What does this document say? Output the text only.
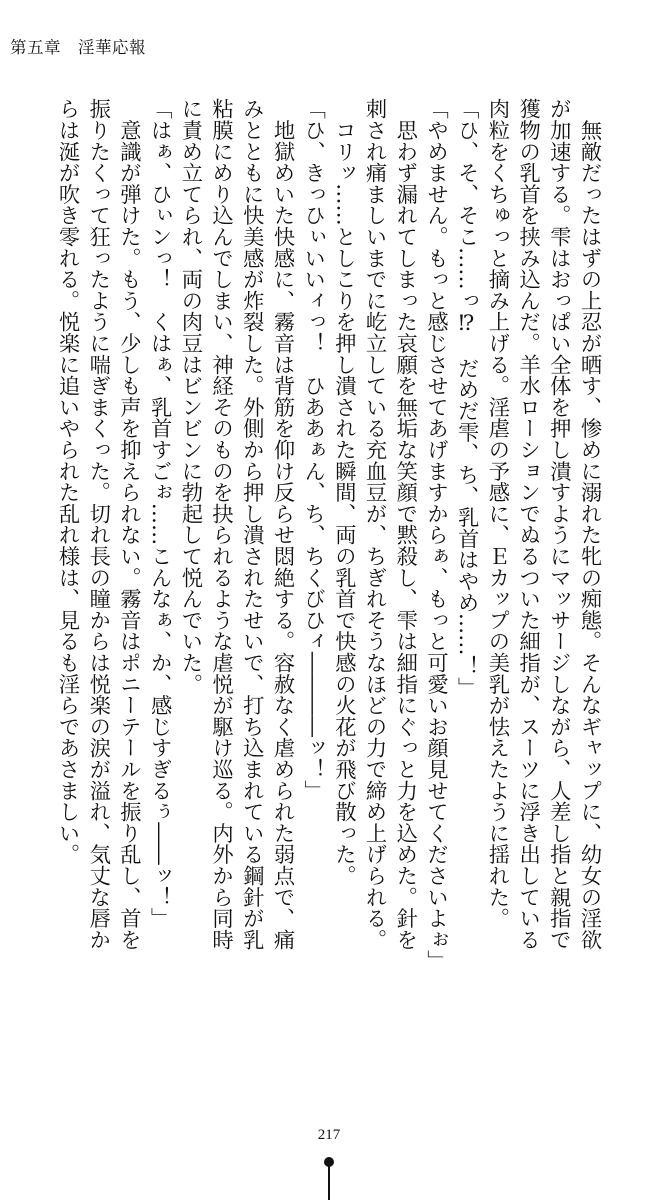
第五章　淫華応報
　無敵だったはずの上忍が晒す、惨めに溺れた牝の痴態。そんなギャップに、幼女の淫欲
が加速する。雫はおっぱい全体を押し潰すようにマッサージしながら、人差し指と親指で
獲物の乳首を挟み込んだ。羊水ローションでぬるついた細指が、スーツに浮き出している
肉粒をくちゅっと摘み上げる。淫虐の予感に、Ｅカップの美乳が怯えたように揺れた。
「ひ、そ、そこ……っ⁉　だめだ雫、ち、乳首はやめ……！」
「やめません。もっと感じさせてあげますからぁ、もっと可愛いお顔見せてくださいよぉ」
　思わず漏れてしまった哀願を無垢な笑顔で黙殺し、雫は細指にぐっと力を込めた。針を
刺され痛ましいまでに屹立している充血豆が、ちぎれそうなほどの力で締め上げられる。
　コリッ……としこりを押し潰された瞬間、両の乳首で快感の火花が飛び散った。
「ひ、きっひぃいいィっ！　ひああぁん、ち、ちくびひィ――――ッ！」
　地獄めいた快感に、霧音は背筋を仰け反らせ悶絶する。容赦なく虐められた弱点で、痛
みとともに快美感が炸裂した。外側から押し潰されたせいで、打ち込まれている鋼針が乳
粘膜にめり込んでしまい、神経そのものを抉られるような虐悦が駆け巡る。内外から同時
に責め立てられ、両の肉豆はビンビンに勃起して悦んでいた。
「はぁ、ひぃンっ！　くはぁ、乳首すごぉ……こんなぁ、か、感じすぎるぅ――ッ！」
　意識が弾けた。もう、少しも声を抑えられない。霧音はポニーテールを振り乱し、首を
振りたくって狂ったように喘ぎまくった。切れ長の瞳からは悦楽の涙が溢れ、気丈な唇か
らは涎が吹き零れる。悦楽に追いやられた乱れ様は、見るも淫らであさましい。
217
